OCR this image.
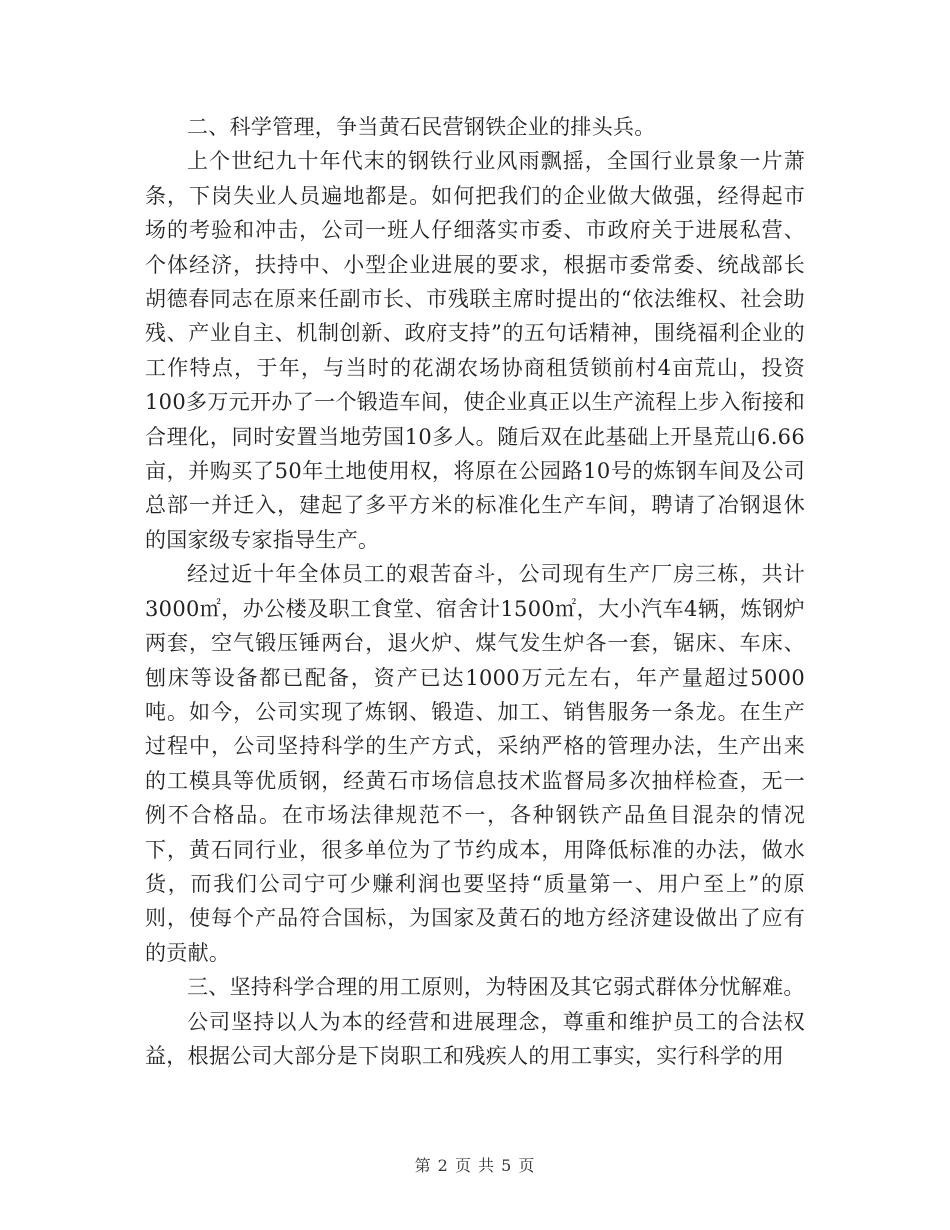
二、科学管理，争当黄石民营钢铁企业的排头兵。

上个世纪九十年代末的钢铁行业风雨飘摇，全国行业景象一片萧条，下岗失业人员遍地都是。如何把我们的企业做大做强，经得起市场的考验和冲击，公司一班人仔细落实市委、市政府关于进展私营、个体经济，扶持中、小型企业进展的要求，根据市委常委、统战部长胡德春同志在原来任副市长、市残联主席时提出的“依法维权、社会助残、产业自主、机制创新、政府支持”的五句话精神，围绕福利企业的工作特点，于年，与当时的花湖农场协商租赁锁前村4亩荒山，投资100多万元开办了一个锻造车间，使企业真正以生产流程上步入衔接和合理化，同时安置当地劳国10多人。随后双在此基础上开垦荒山6.66亩，并购买了50年土地使用权，将原在公园路10号的炼钢车间及公司总部一并迁入，建起了多平方米的标准化生产车间，聘请了冶钢退休的国家级专家指导生产。

经过近十年全体员工的艰苦奋斗，公司现有生产厂房三栋，共计3000㎡，办公楼及职工食堂、宿舍计1500㎡，大小汽车4辆，炼钢炉两套，空气锻压锤两台，退火炉、煤气发生炉各一套，锯床、车床、刨床等设备都已配备，资产已达1000万元左右，年产量超过5000吨。如今，公司实现了炼钢、锻造、加工、销售服务一条龙。在生产过程中，公司坚持科学的生产方式，采纳严格的管理办法，生产出来的工模具等优质钢，经黄石市场信息技术监督局多次抽样检查，无一例不合格品。在市场法律规范不一，各种钢铁产品鱼目混杂的情况下，黄石同行业，很多单位为了节约成本，用降低标准的办法，做水货，而我们公司宁可少赚利润也要坚持“质量第一、用户至上”的原则，使每个产品符合国标，为国家及黄石的地方经济建设做出了应有的贡献。

三、坚持科学合理的用工原则，为特困及其它弱式群体分忧解难。

公司坚持以人为本的经营和进展理念，尊重和维护员工的合法权益，根据公司大部分是下岗职工和残疾人的用工事实，实行科学的用

第 2 页 共 5 页
